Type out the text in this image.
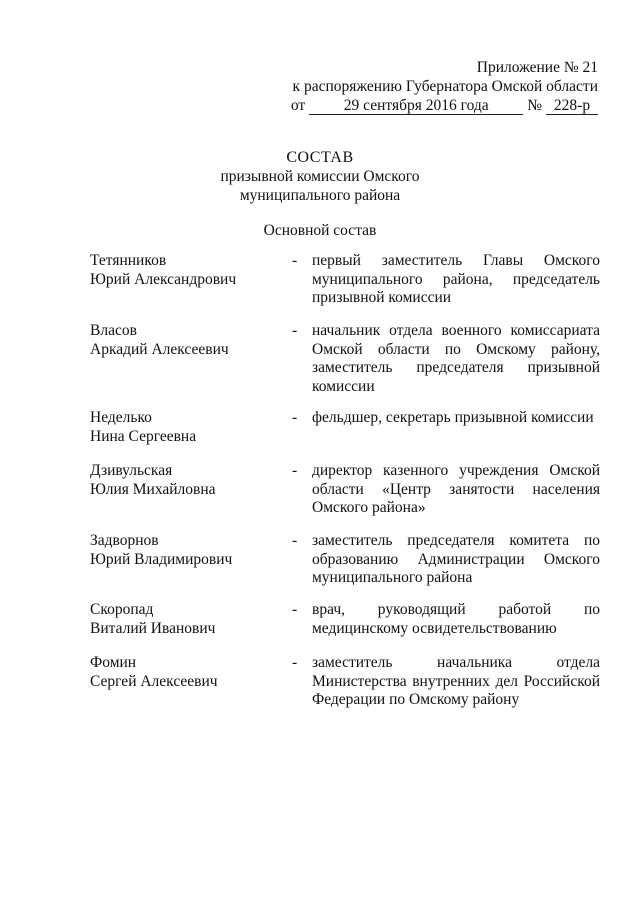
Приложение № 21
к распоряжению Губернатора Омской области
от	29 сентября 2016 года	№ 228-р
СОСТАВ
призывной комиссии Омского
муниципального района
Основной состав
Тетянников
Юрий Александрович
- первый заместитель Главы Омского муниципального района, председатель призывной комиссии
Власов
Аркадий Алексеевич
- начальник отдела военного комиссариата Омской области по Омскому району, заместитель председателя призывной комиссии
Неделько
Нина Сергеевна
- фельдшер, секретарь призывной комиссии
Дзивульская
Юлия Михайловна
- директор казенного учреждения Омской области «Центр занятости населения Омского района»
Задворнов
Юрий Владимирович
- заместитель председателя комитета по образованию Администрации Омского муниципального района
Скоропад
Виталий Иванович
- врач, руководящий работой по медицинскому освидетельствованию
Фомин
Сергей Алексеевич
- заместитель начальника отдела Министерства внутренних дел Российской Федерации по Омскому району
